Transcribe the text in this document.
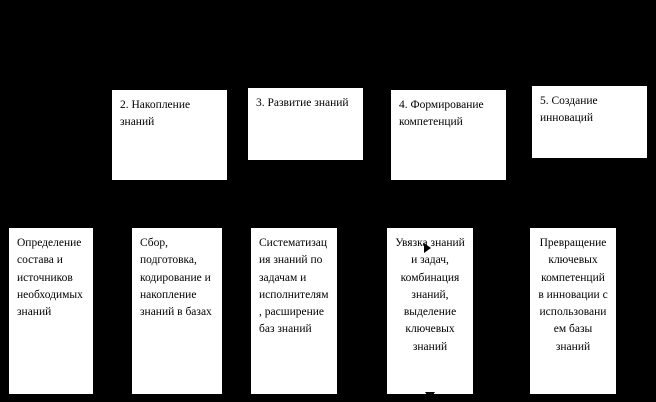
2. Накопление знаний
3. Развитие знаний	4. Формирование компетенций
5. Создание инноваций
Определение состава и источников необходимых знаний
Сбор, подготовка, кодирование и накопление знаний в базах
Систематизация знаний по задачам и исполнителям, расширение баз знаний
Увязка знаний и задач, комбинация знаний, выделение ключевых знаний
Превращение ключевых компетенций в инновации с использованием базы знаний
